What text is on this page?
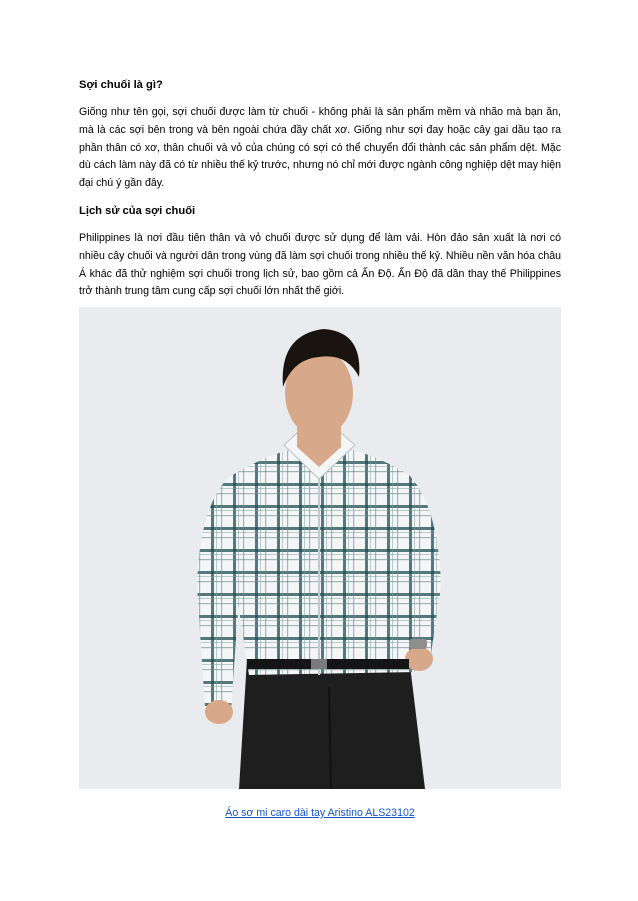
Sợi chuối là gì?

Giống như tên gọi, sợi chuối được làm từ chuối - không phải là sản phẩm mềm và nhão mà bạn ăn, mà là các sợi bên trong và bên ngoài chứa đầy chất xơ. Giống như sợi đay hoặc cây gai dầu tạo ra phần thân có xơ, thân chuối và vỏ của chúng có sợi có thể chuyển đổi thành các sản phẩm dệt. Mặc dù cách làm này đã có từ nhiều thế kỷ trước, nhưng nó chỉ mới được ngành công nghiệp dệt may hiện đại chú ý gần đây.

Lịch sử của sợi chuối

Philippines là nơi đầu tiên thân và vỏ chuối được sử dụng để làm vải. Hòn đảo sản xuất là nơi có nhiều cây chuối và người dân trong vùng đã làm sợi chuối trong nhiều thế kỷ. Nhiều nền văn hóa châu Á khác đã thử nghiệm sợi chuối trong lịch sử, bao gồm cả Ấn Độ. Ấn Độ đã dần thay thế Philippines trở thành trung tâm cung cấp sợi chuối lớn nhất thế giới.

Áo sơ mi caro dài tay Aristino ALS23102
